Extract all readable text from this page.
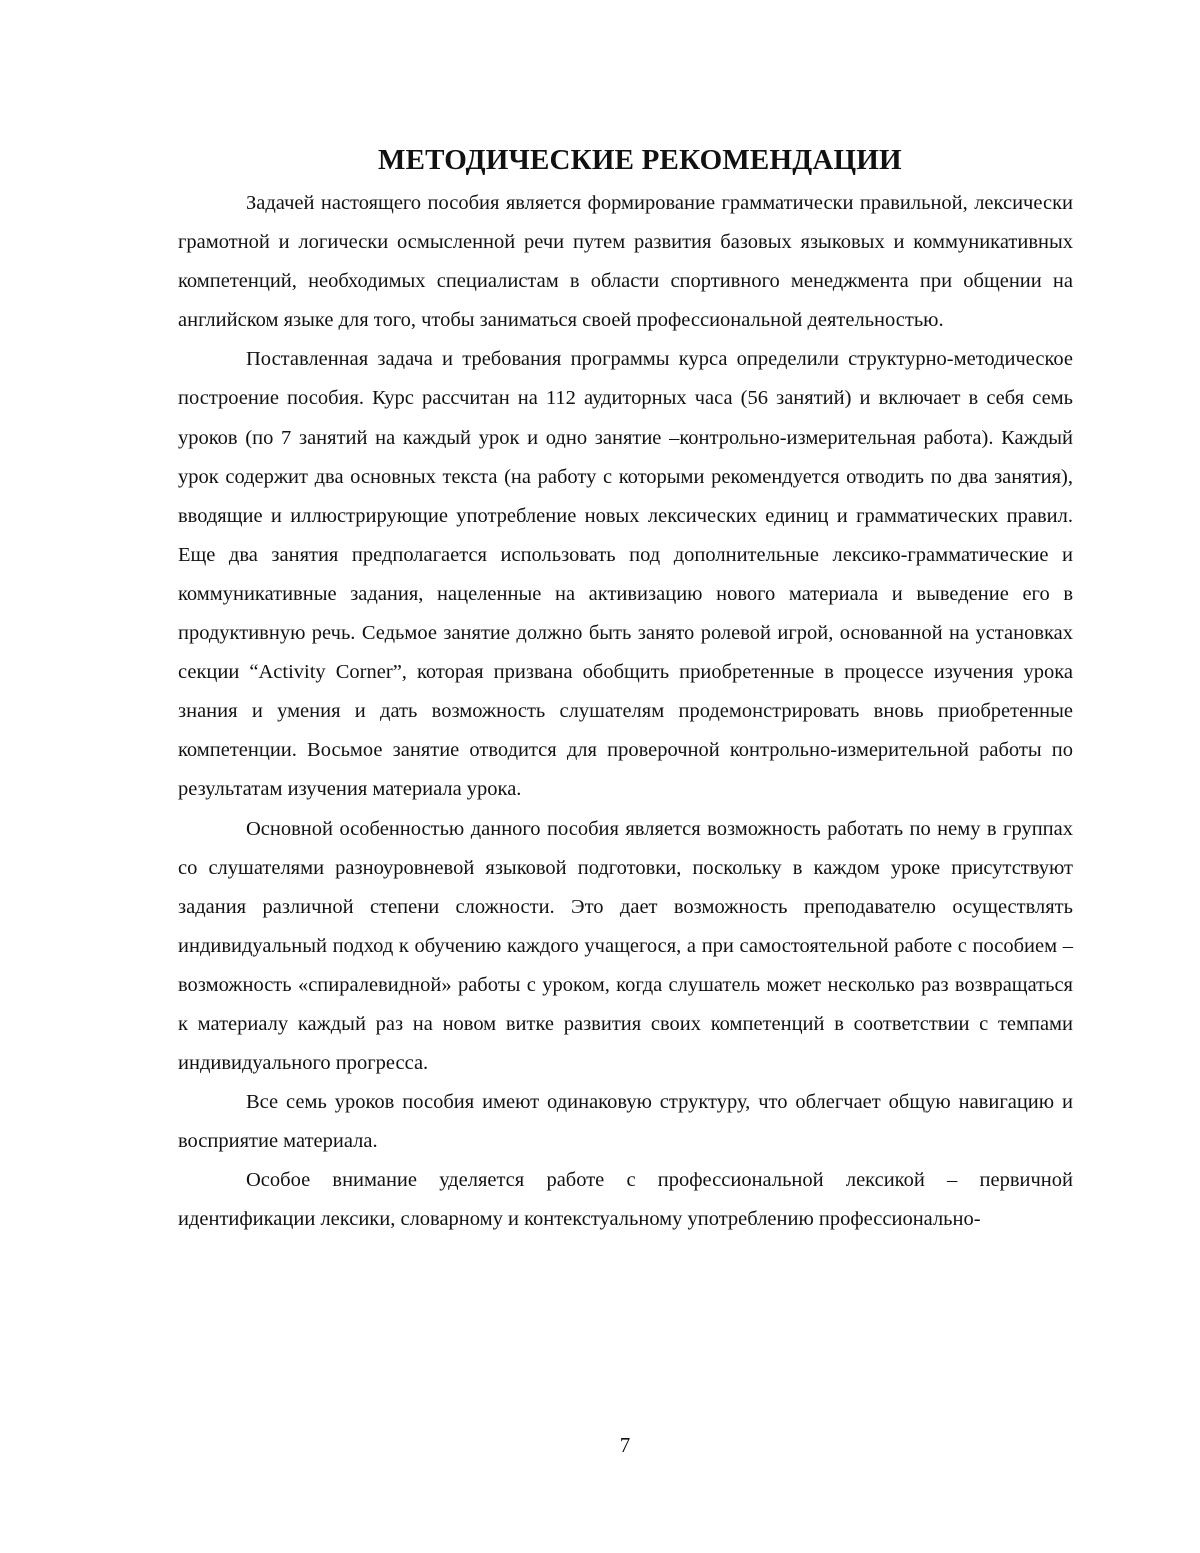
МЕТОДИЧЕСКИЕ РЕКОМЕНДАЦИИ

Задачей настоящего пособия является формирование грамматически правильной, лексически грамотной и логически осмысленной речи путем развития базовых языковых и коммуникативных компетенций, необходимых специалистам в области спортивного менеджмента при общении на английском языке для того, чтобы заниматься своей профессиональной деятельностью.

Поставленная задача и требования программы курса определили структурно-методическое построение пособия. Курс рассчитан на 112 аудиторных часа (56 занятий) и включает в себя семь уроков (по 7 занятий на каждый урок и одно занятие –контрольно-измерительная работа). Каждый урок содержит два основных текста (на работу с которыми рекомендуется отводить по два занятия), вводящие и иллюстрирующие употребление новых лексических единиц и грамматических правил. Еще два занятия предполагается использовать под дополнительные лексико-грамматические и коммуникативные задания, нацеленные на активизацию нового материала и выведение его в продуктивную речь. Седьмое занятие должно быть занято ролевой игрой, основанной на установках секции “Activity Corner”, которая призвана обобщить приобретенные в процессе изучения урока знания и умения и дать возможность слушателям продемонстрировать вновь приобретенные компетенции. Восьмое занятие отводится для проверочной контрольно-измерительной работы по результатам изучения материала урока.

Основной особенностью данного пособия является возможность работать по нему в группах со слушателями разноуровневой языковой подготовки, поскольку в каждом уроке присутствуют задания различной степени сложности. Это дает возможность преподавателю осуществлять индивидуальный подход к обучению каждого учащегося, а при самостоятельной работе с пособием – возможность «спиралевидной» работы с уроком, когда слушатель может несколько раз возвращаться к материалу каждый раз на новом витке развития своих компетенций в соответствии с темпами индивидуального прогресса.

Все семь уроков пособия имеют одинаковую структуру, что облегчает общую навигацию и восприятие материала.

Особое внимание уделяется работе с профессиональной лексикой – первичной идентификации лексики, словарному и контекстуальному употреблению профессионально-

7
